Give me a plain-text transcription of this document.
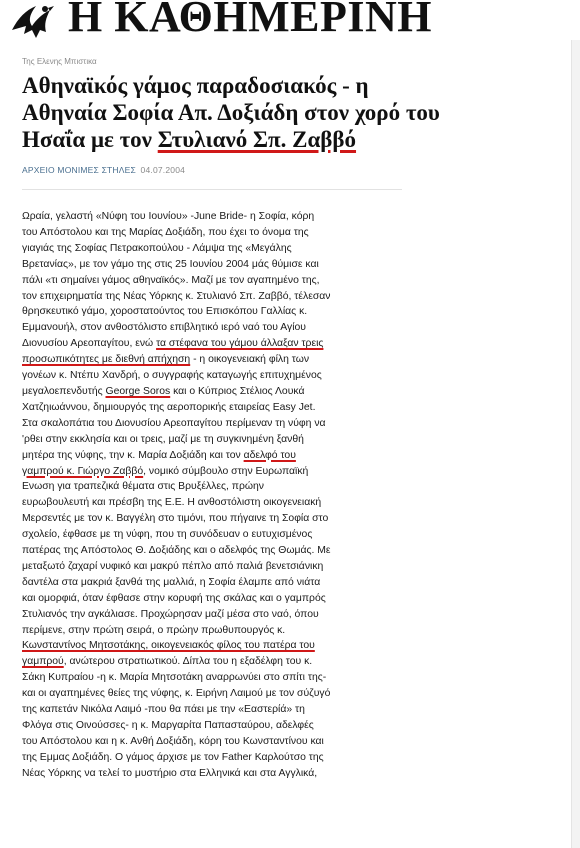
Η ΚΑΘΗΜΕΡΙΝΗ
Της Ελενης Μπιστικα
Αθηναϊκός γάμος παραδοσιακός - η
Αθηναία Σοφία Απ. Δοξιάδη στον χορό του
Ησαΐα με τον Στυλιανό Σπ. Ζαββό
ΑΡΧΕΙΟ ΜΟΝΙΜΕΣ ΣΤΗΛΕΣ 04.07.2004
Ωραία, γελαστή «Νύφη του Ιουνίου» -June Bride- η Σοφία, κόρη
του Απόστολου και της Μαρίας Δοξιάδη, που έχει το όνομα της
γιαγιάς της Σοφίας Πετρακοπούλου - Λάμψα της «Μεγάλης
Βρετανίας», με τον γάμο της στις 25 Ιουνίου 2004 μάς θύμισε και
πάλι «τι σημαίνει γάμος αθηναϊκός». Μαζί με τον αγαπημένο της,
τον επιχειρηματία της Νέας Υόρκης κ. Στυλιανό Σπ. Ζαββό, τέλεσαν
θρησκευτικό γάμο, χοροστατούντος του Επισκόπου Γαλλίας κ.
Εμμανουήλ, στον ανθοστόλιστο επιβλητικό ιερό ναό του Αγίου
Διονυσίου Αρεοπαγίτου, ενώ τα στέφανα του γάμου άλλαξαν τρεις
προσωπικότητες με διεθνή απήχηση - η οικογενειακή φίλη των
γονέων κ. Ντέπυ Χανδρή, ο συγγραφής καταγωγής επιτυχημένος
μεγαλοεπενδυτής George Soros και ο Κύπριος Στέλιος Λουκά
Χατζηιωάννου, δημιουργός της αεροπορικής εταιρείας Easy Jet.
Στα σκαλοπάτια του Διονυσίου Αρεοπαγίτου περίμεναν τη νύφη να
'ρθει στην εκκλησία και οι τρεις, μαζί με τη συγκινημένη ξανθή
μητέρα της νύφης, την κ. Μαρία Δοξιάδη και τον αδελφό του
γαμπρού κ. Γιώργο Ζαββό, νομικό σύμβουλο στην Ευρωπαϊκή
Ενωση για τραπεζικά θέματα στις Βρυξέλλες, πρώην
ευρωβουλευτή και πρέσβη της Ε.Ε. Η ανθοστόλιστη οικογενειακή
Μερσεντές με τον κ. Βαγγέλη στο τιμόνι, που πήγαινε τη Σοφία στο
σχολείο, έφθασε με τη νύφη, που τη συνόδευαν ο ευτυχισμένος
πατέρας της Απόστολος Θ. Δοξιάδης και ο αδελφός της Θωμάς. Με
μεταξωτό ζαχαρί νυφικό και μακρύ πέπλο από παλιά βενετσιάνικη
δαντέλα στα μακριά ξανθά της μαλλιά, η Σοφία έλαμπε από νιάτα
και ομορφιά, όταν έφθασε στην κορυφή της σκάλας και ο γαμπρός
Στυλιανός την αγκάλιασε. Προχώρησαν μαζί μέσα στο ναό, όπου
περίμενε, στην πρώτη σειρά, ο πρώην πρωθυπουργός κ.
Κωνσταντίνος Μητσοτάκης, οικογενειακός φίλος του πατέρα του
γαμπρού, ανώτερου στρατιωτικού. Δίπλα του η εξαδέλφη του κ.
Σάκη Κυπραίου -η κ. Μαρία Μητσοτάκη αναρρωνύει στο σπίτι της-
και οι αγαπημένες θείες της νύφης, κ. Ειρήνη Λαιμού με τον σύζυγό
της καπετάν Νικόλα Λαιμό -που θα πάει με την «Εαστερίά» τη
Φλόγα στις Οινούσσες- η κ. Μαργαρίτα Παπασταύρου, αδελφές
του Απόστολου και η κ. Ανθή Δοξιάδη, κόρη του Κωνσταντίνου και
της Εμμας Δοξιάδη. Ο γάμος άρχισε με τον Father Καρλούτσο της
Νέας Υόρκης να τελεί το μυστήριο στα Ελληνικά και στα Αγγλικά,
